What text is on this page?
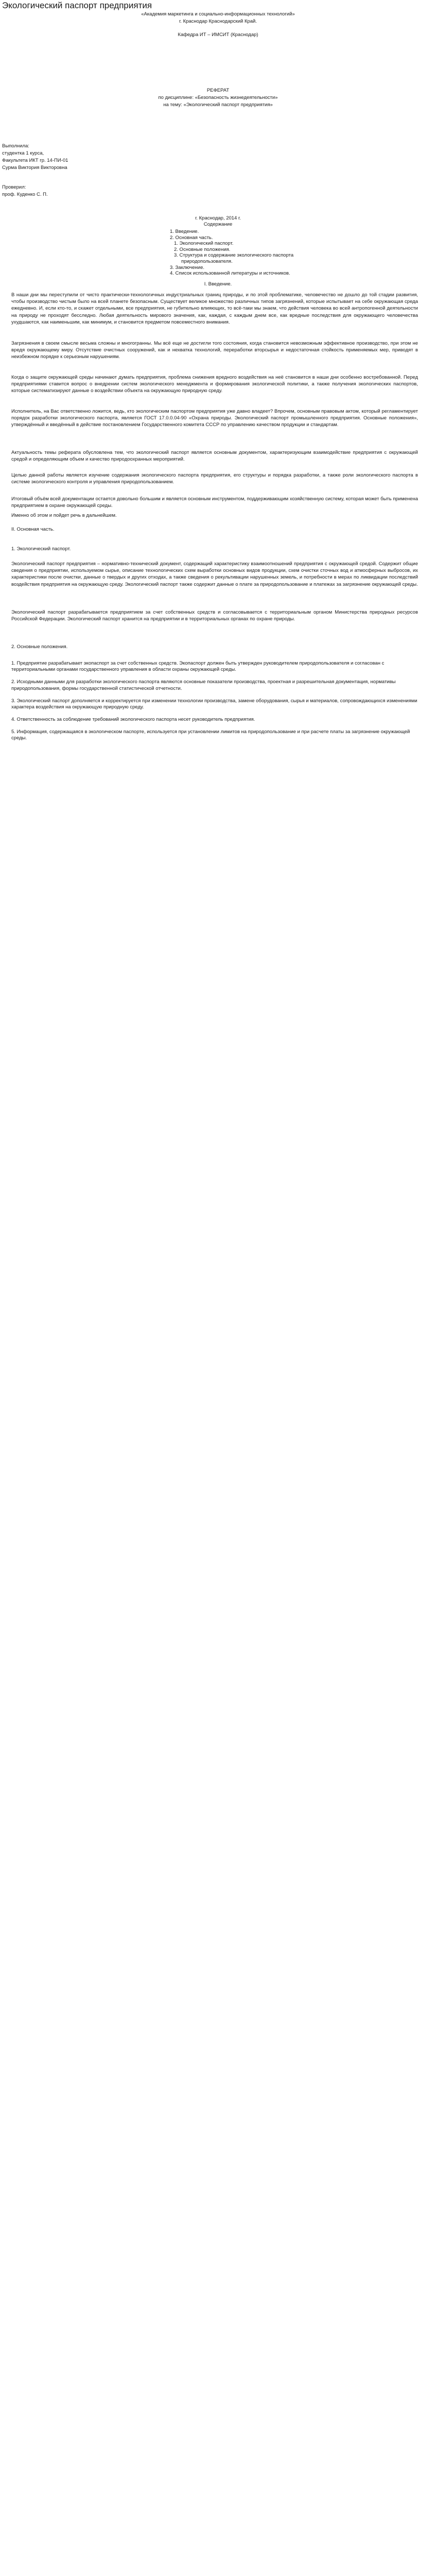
Экологический паспорт предприятия
«Академия маркетинга и социально-информационных технологий»
г. Краснодар Краснодарский Край.
Кафедра ИТ – ИМСИТ (Краснодар)
РЕФЕРАТ
по дисциплине: «Безопасность жизнедеятельности»
на тему: «Экологический паспорт предприятия»
Выполнила:
студентка 1 курса,
Факультета ИКТ гр. 14-ПИ-01
Сурма Виктория Викторовна
Проверил:
проф. Куденко С. П.
г. Краснодар, 2014 г.
Содержание
1. Введение.
2. Основная часть.
1. Экологический паспорт.
2. Основные положения.
3. Структура и содержание экологического паспорта
природопользователя.
3. Заключение.
4. Список использованной литературы и источников.
I. Введение.
В наши дни мы переступили от чисто практически-технологичных индустриальных границ природы, и по этой проблематике, человечество не дошло до той стадии развития, чтобы производство чистым было на всей планете безопасным. Существует великое множество различных типов загрязнений, которые испытывает на себе окружающая среда ежедневно. И, если кто-то, и скажет отдельными, все предприятия, не губительно влияющих, то всё-таки мы знаем, что действия человека во всей антропогенной деятельности на природу не проходят бесследно. Любая деятельность мирового значения, как, каждая, с каждым днем все, как вредные последствия для окружающего человечества ухудшаются, как наименьшим, как минимум, и становится предметом повсеместного внимания.
Загрязнения в своем смысле весьма сложны и многогранны. Мы всё еще не достигли того состояния, когда становится невозможным эффективное производство, при этом не вредя окружающему миру. Отсутствие очистных сооружений, как и нехватка технологий, переработки вторсырья и недостаточная стойкость применяемых мер, приводят в неизбежном порядке к серьезным нарушениям.
Когда о защите окружающей среды начинают думать предприятия, проблема снижения вредного воздействия на неё становится в наши дни особенно востребованной. Перед предприятиями ставится вопрос о внедрении систем экологического менеджмента и формирования экологической политики, а также получения экологических паспортов, которые систематизируют данные о воздействии объекта на окружающую природную среду.
Исполнитель, на Вас ответственно ложится, ведь, кто экологическим паспортом предприятия уже давно владеет? Впрочем, основным правовым актом, который регламентирует порядок разработки экологического паспорта, является ГОСТ 17.0.0.04-90 «Охрана природы. Экологический паспорт промышленного предприятия. Основные положения», утверждённый и введённый в действие постановлением Государственного комитета СССР по управлению качеством продукции и стандартам.
Актуальность темы реферата обусловлена тем, что экологический паспорт является основным документом, характеризующим взаимодействие предприятия с окружающей средой и определяющим объем и качество природоохранных мероприятий.
Целью данной работы является изучение содержания экологического паспорта предприятия, его структуры и порядка разработки, а также роли экологического паспорта в системе экологического контроля и управления природопользованием.
Итоговый объём всей документации остается довольно большим и является основным инструментом, поддерживающим хозяйственную систему, которая может быть применена предприятием в охране окружающей среды.
Именно об этом и пойдет речь в дальнейшем.
II. Основная часть.
1. Экологический паспорт.
Экологический паспорт предприятия – нормативно-технический документ, содержащий характеристику взаимоотношений предприятия с окружающей средой. Содержит общие сведения о предприятии, используемом сырье, описание технологических схем выработки основных видов продукции, схем очистки сточных вод и атмосферных выбросов, их характеристики после очистки, данные о твердых и других отходах, а также сведения о рекультивации нарушенных земель, и потребности в мерах по ликвидации последствий воздействия предприятия на окружающую среду. Экологический паспорт также содержит данные о плате за природопользование и платежах за загрязнение окружающей среды.
Экологический паспорт разрабатывается предприятием за счет собственных средств и согласовывается с территориальным органом Министерства природных ресурсов Российской Федерации. Экологический паспорт хранится на предприятии и в территориальных органах по охране природы.
2. Основные положения.
1. Предприятие разрабатывает экопаспорт за счет собственных средств. Экопаспорт должен быть утвержден руководителем природопользователя и согласован с территориальными органами государственного управления в области охраны окружающей среды.
2. Исходными данными для разработки экологического паспорта являются основные показатели производства, проектная и разрешительная документация, нормативы природопользования, формы государственной статистической отчетности.
3. Экологический паспорт дополняется и корректируется при изменении технологии производства, замене оборудования, сырья и материалов, сопровождающихся изменениями характера воздействия на окружающую природную среду.
4. Ответственность за соблюдение требований экологического паспорта несет руководитель предприятия.
5. Информация, содержащаяся в экологическом паспорте, используется при установлении лимитов на природопользование и при расчете платы за загрязнение окружающей среды.
